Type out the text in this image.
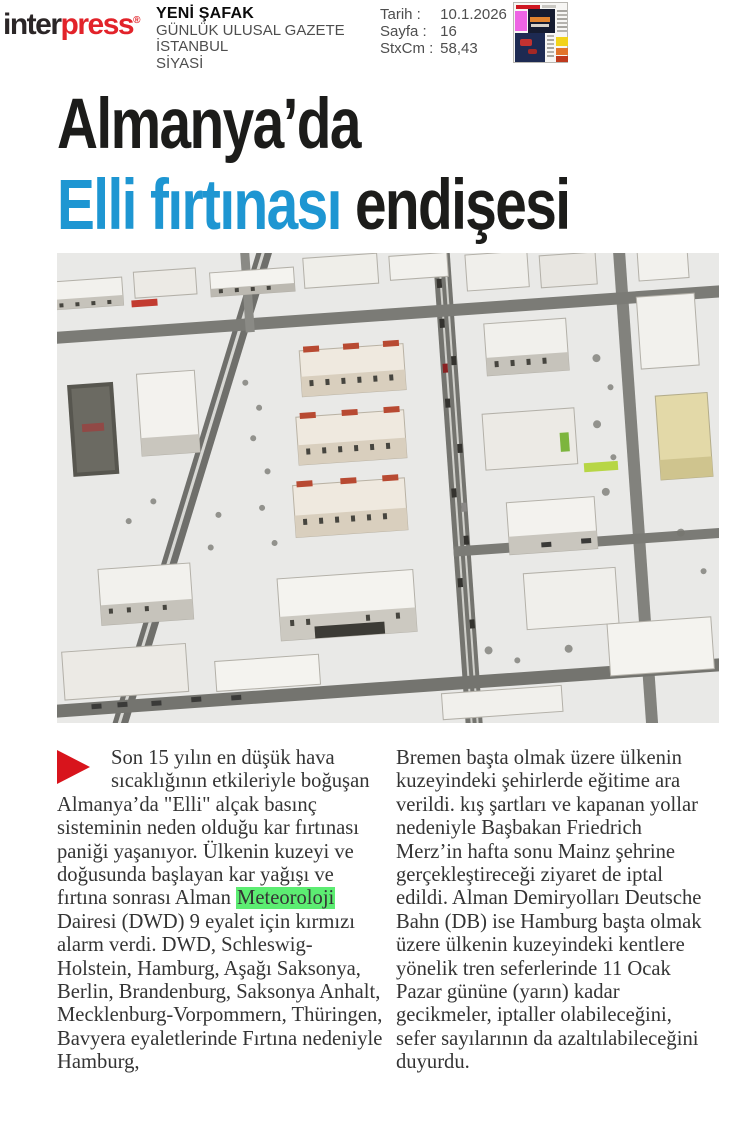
interpress® YENİ ŞAFAK
GÜNLÜK ULUSAL GAZETE
İSTANBUL
SİYASİ
Tarih : 10.1.2026
Sayfa : 16
StxCm : 58,43
Almanya’da
Elli fırtınası endişesi
Son 15 yılın en düşük hava sıcaklığının etkileriyle boğuşan Almanya’da "Elli" alçak basınç sisteminin neden olduğu kar fırtınası paniği yaşanıyor. Ülkenin kuzeyi ve doğusunda başlayan kar yağışı ve fırtına sonrası Alman Meteoroloji Dairesi (DWD) 9 eyalet için kırmızı alarm verdi. DWD, Schleswig-Holstein, Hamburg, Aşağı Saksonya, Berlin, Brandenburg, Saksonya Anhalt, Mecklenburg-Vorpommern, Thüringen, Bavyera eyaletlerinde Fırtına nedeniyle Hamburg,
Bremen başta olmak üzere ülkenin kuzeyindeki şehirlerde eğitime ara verildi. kış şartları ve kapanan yollar nedeniyle Başbakan Friedrich Merz’in hafta sonu Mainz şehrine gerçekleştireceği ziyaret de iptal edildi. Alman Demiryolları Deutsche Bahn (DB) ise Hamburg başta olmak üzere ülkenin kuzeyindeki kentlere yönelik tren seferlerinde 11 Ocak Pazar gününe (yarın) kadar gecikmeler, iptaller olabileceğini, sefer sayılarının da azaltılabileceğini duyurdu.
